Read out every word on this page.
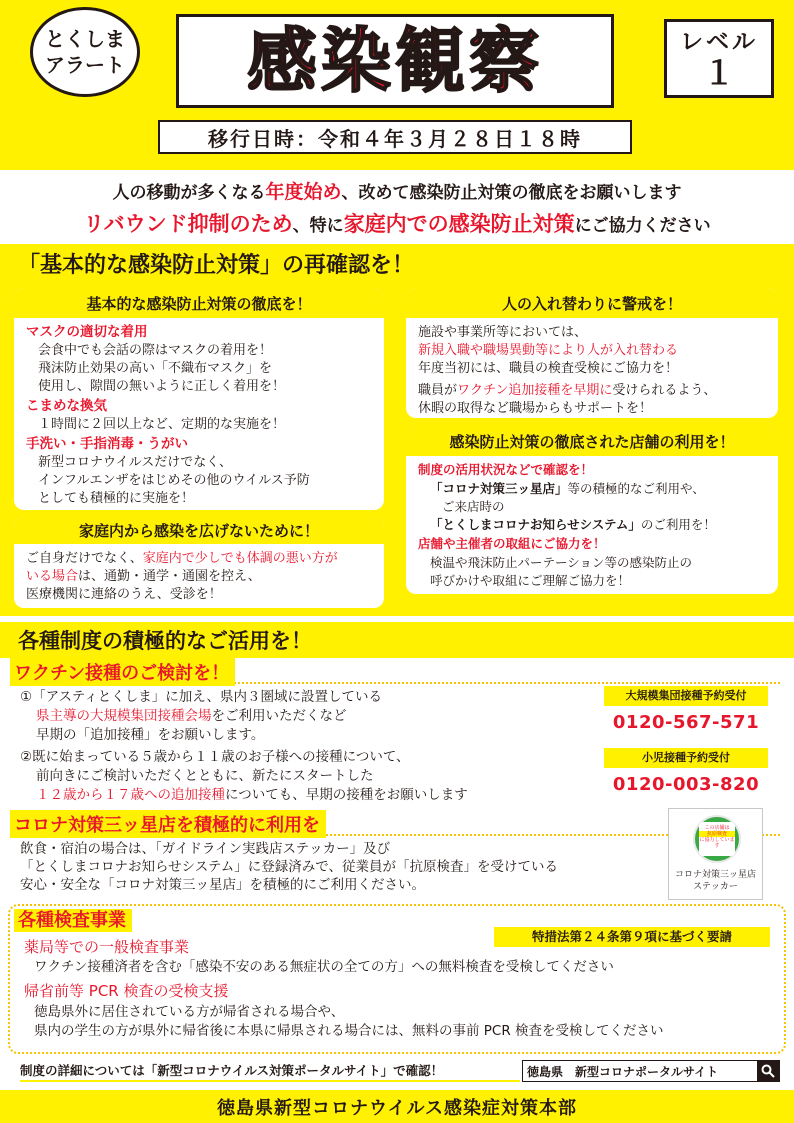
とくしま
アラート 感染観察	レベル
１
移行日時：令和４年３月２８日１８時
人の移動が多くなる年度始め、改めて感染防止対策の徹底をお願いします
リバウンド抑制のため、特に家庭内での感染防止対策にご協力ください
「基本的な感染防止対策」の再確認を！
基本的な感染防止対策の徹底を！
マスクの適切な着用
会食中でも会話の際はマスクの着用を！
飛沫防止効果の高い「不織布マスク」を
使用し、隙間の無いように正しく着用を！
こまめな換気
１時間に２回以上など、定期的な実施を！
手洗い・手指消毒・うがい
新型コロナウイルスだけでなく、
インフルエンザをはじめその他のウイルス予防
としても積極的に実施を！
家庭内から感染を広げないために！
ご自身だけでなく、家庭内で少しでも体調の悪い方が
いる場合は、通勤・通学・通園を控え、
医療機関に連絡のうえ、受診を！
人の入れ替わりに警戒を！
施設や事業所等においては、
新規入職や職場異動等により人が入れ替わる
年度当初には、職員の検査受検にご協力を！
職員がワクチン追加接種を早期に受けられるよう、
休暇の取得など職場からもサポートを！
感染防止対策の徹底された店舗の利用を！
制度の活用状況などで確認を！
「コロナ対策三ッ星店」等の積極的なご利用や、
ご来店時の
「とくしまコロナお知らせシステム」のご利用を！
店舗や主催者の取組にご協力を！
検温や飛沫防止パーテーション等の感染防止の
呼びかけや取組にご理解ご協力を！
各種制度の積極的なご活用を！
ワクチン接種のご検討を！
①「アスティとくしま」に加え、県内３圏域に設置している
県主導の大規模集団接種会場をご利用いただくなど
早期の「追加接種」をお願いします。
②既に始まっている５歳から１１歳のお子様への接種について、
前向きにご検討いただくとともに、新たにスタートした
１２歳から１７歳への追加接種についても、早期の接種をお願いします
大規模集団接種予約受付
0120-567-571
小児接種予約受付
0120-003-820
コロナ対策三ッ星店を積極的に利用を
飲食・宿泊の場合は、「ガイドライン実践店ステッカー」及び
「とくしまコロナお知らせシステム」に登録済みで、従業員が「抗原検査」を受けている
安心・安全な「コロナ対策三ッ星店」を積極的にご利用ください。
この店舗は
抗原検査
に協力しています
コロナ対策三ッ星店
ステッカー
各種検査事業
特措法第２４条第９項に基づく要請
薬局等での一般検査事業
ワクチン接種済者を含む「感染不安のある無症状の全ての方」への無料検査を受検してください
帰省前等 PCR 検査の受検支援
徳島県外に居住されている方が帰省される場合や、
県内の学生の方が県外に帰省後に本県に帰県される場合には、無料の事前 PCR 検査を受検してください
制度の詳細については「新型コロナウイルス対策ポータルサイト」で確認！	徳島県　新型コロナポータルサイト
徳島県新型コロナウイルス感染症対策本部
